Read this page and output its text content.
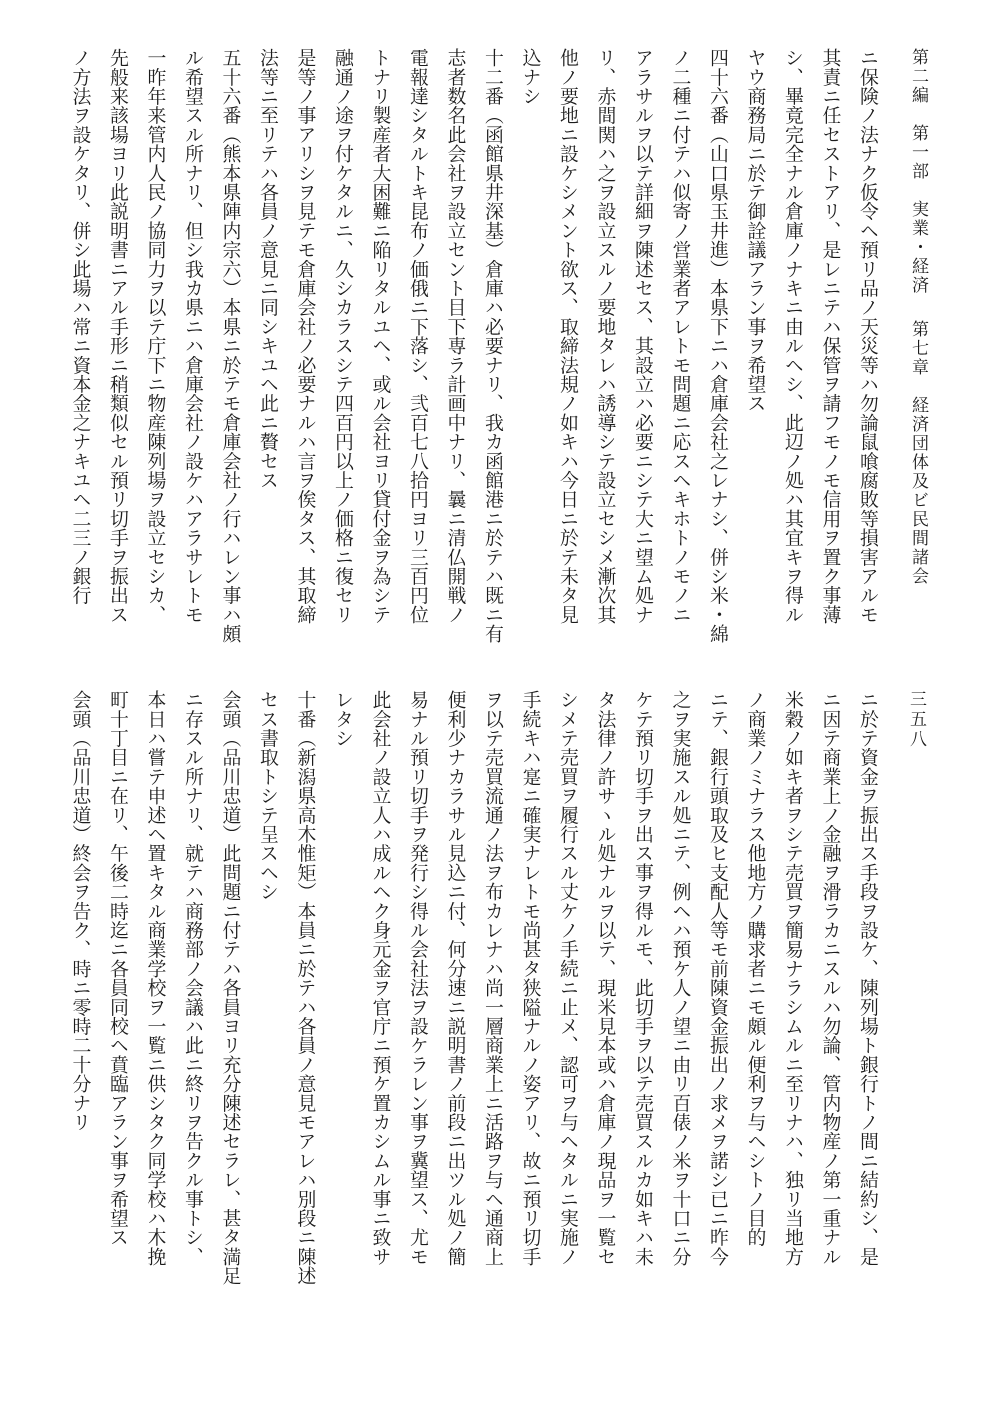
第二編　第一部　実業・経済 第七章　経済団体及ビ民間諸会
三五八
ニ保険ノ法ナク仮令ヘ預リ品ノ天災等ハ勿論鼠喰腐敗等損害アルモ
其責ニ任セストアリ、是レニテハ保管ヲ請フモノモ信用ヲ置ク事薄
シ、畢竟完全ナル倉庫ノナキニ由ルヘシ、此辺ノ処ハ其宜キヲ得ル
ヤウ商務局ニ於テ御詮議アラン事ヲ希望ス
四十六番（山口県玉井進）本県下ニハ倉庫会社之レナシ、併シ米・綿
ノ二種ニ付テハ似寄ノ営業者アレトモ問題ニ応スヘキホトノモノニ
アラサルヲ以テ詳細ヲ陳述セス、其設立ハ必要ニシテ大ニ望ム処ナ
リ、赤間関ハ之ヲ設立スルノ要地タレハ誘導シテ設立セシメ漸次其
他ノ要地ニ設ケシメント欲ス、取締法規ノ如キハ今日ニ於テ未タ見
込ナシ
十二番（函館県井深基）倉庫ハ必要ナリ、我カ函館港ニ於テハ既ニ有
志者数名此会社ヲ設立セント目下専ラ計画中ナリ、曩ニ清仏開戦ノ
電報達シタルトキ昆布ノ価俄ニ下落シ、弐百七八拾円ヨリ三百円位
トナリ製産者大困難ニ陥リタルユヘ、或ル会社ヨリ貸付金ヲ為シテ
融通ノ途ヲ付ケタルニ、久シカラスシテ四百円以上ノ価格ニ復セリ
是等ノ事アリシヲ見テモ倉庫会社ノ必要ナルハ言ヲ俟タス、其取締
法等ニ至リテハ各員ノ意見ニ同シキユヘ此ニ贅セス
五十六番（熊本県陣内宗六）本県ニ於テモ倉庫会社ノ行ハレン事ハ頗
ル希望スル所ナリ、但シ我カ県ニハ倉庫会社ノ設ケハアラサレトモ
一昨年来管内人民ノ協同力ヲ以テ庁下ニ物産陳列場ヲ設立セシカ、
先般来該場ヨリ此説明書ニアル手形ニ稍類似セル預リ切手ヲ振出ス
ノ方法ヲ設ケタリ、併シ此場ハ常ニ資本金之ナキユヘ二三ノ銀行
ニ於テ資金ヲ振出ス手段ヲ設ケ、陳列場ト銀行トノ間ニ結約シ、是
ニ因テ商業上ノ金融ヲ滑ラカニスルハ勿論、管内物産ノ第一重ナル
米穀ノ如キ者ヲシテ売買ヲ簡易ナラシムルニ至リナハ、独リ当地方
ノ商業ノミナラス他地方ノ購求者ニモ頗ル便利ヲ与ヘシトノ目的
ニテ、銀行頭取及ヒ支配人等モ前陳資金振出ノ求メヲ諾シ已ニ昨今
之ヲ実施スル処ニテ、例ヘハ預ケ人ノ望ニ由リ百俵ノ米ヲ十口ニ分
ケテ預リ切手ヲ出ス事ヲ得ルモ、此切手ヲ以テ売買スルカ如キハ未
タ法律ノ許サヽル処ナルヲ以テ、現米見本或ハ倉庫ノ現品ヲ一覧セ
シメテ売買ヲ履行スル丈ケノ手続ニ止メ、認可ヲ与ヘタルニ実施ノ
手続キハ寔ニ確実ナレトモ尚甚タ狭隘ナルノ姿アリ、故ニ預リ切手
ヲ以テ売買流通ノ法ヲ布カレナハ尚一層商業上ニ活路ヲ与ヘ通商上
便利少ナカラサル見込ニ付、何分速ニ説明書ノ前段ニ出ツル処ノ簡
易ナル預リ切手ヲ発行シ得ル会社法ヲ設ケラレン事ヲ冀望ス、尤モ
此会社ノ設立人ハ成ルヘク身元金ヲ官庁ニ預ケ置カシムル事ニ致サ
レタシ
十番（新潟県高木惟矩）本員ニ於テハ各員ノ意見モアレハ別段ニ陳述
セス書取トシテ呈スヘシ
会頭（品川忠道）此問題ニ付テハ各員ヨリ充分陳述セラレ、甚タ満足
ニ存スル所ナリ、就テハ商務部ノ会議ハ此ニ終リヲ告クル事トシ、
本日ハ嘗テ申述ヘ置キタル商業学校ヲ一覧ニ供シタク同学校ハ木挽
町十丁目ニ在リ、午後二時迄ニ各員同校ヘ賁臨アラン事ヲ希望ス
会頭（品川忠道）終会ヲ告ク、時ニ零時二十分ナリ
